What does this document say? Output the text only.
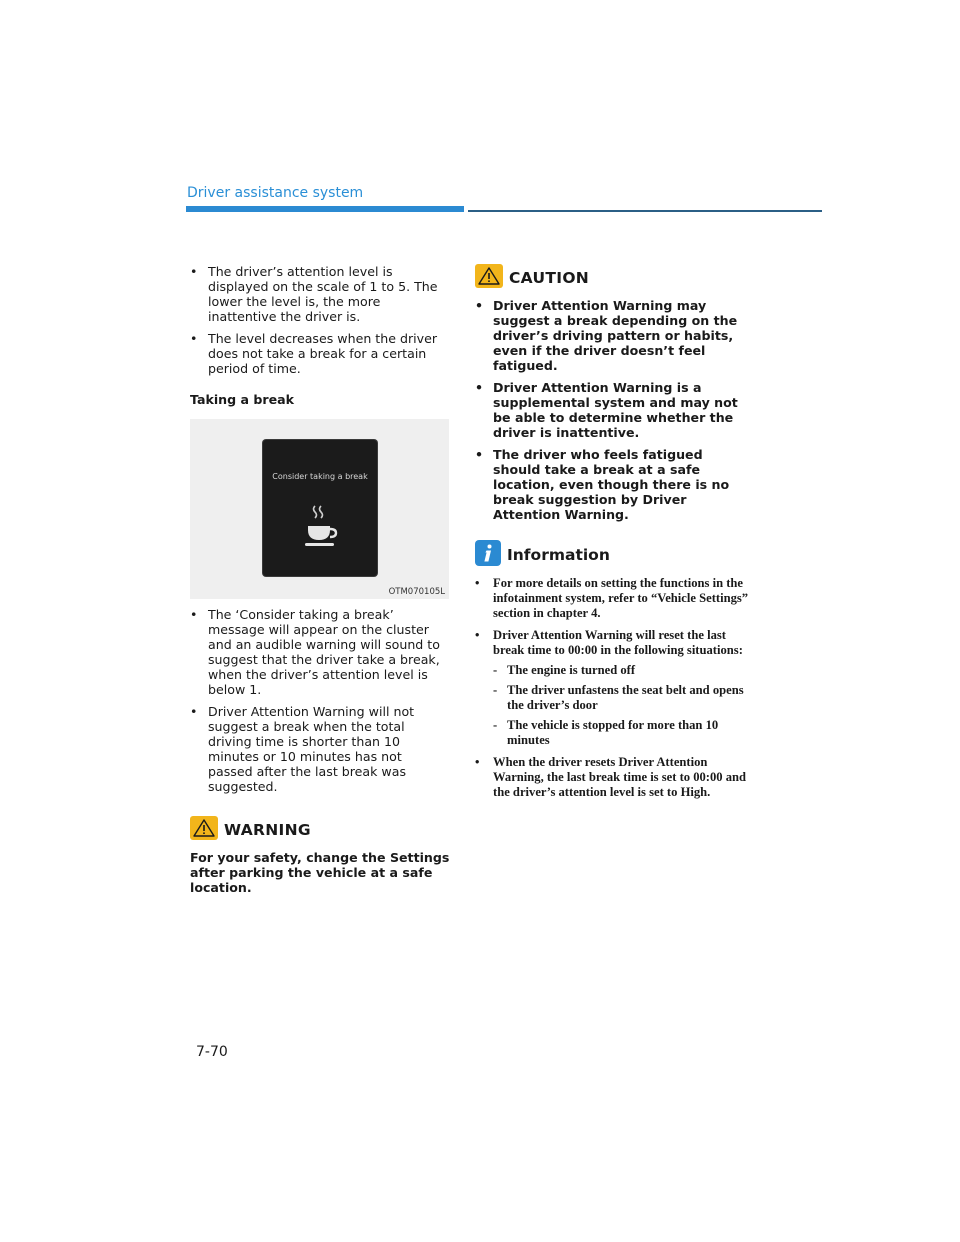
Driver assistance system
• The driver’s attention level is displayed on the scale of 1 to 5. The lower the level is, the more inattentive the driver is.
• The level decreases when the driver does not take a break for a certain period of time.
Taking a break
Consider taking a break
OTM070105L
• The ‘Consider taking a break’ message will appear on the cluster and an audible warning will sound to suggest that the driver take a break, when the driver’s attention level is below 1.
• Driver Attention Warning will not suggest a break when the total driving time is shorter than 10 minutes or 10 minutes has not passed after the last break was suggested.
WARNING
For your safety, change the Settings after parking the vehicle at a safe location.
CAUTION
• Driver Attention Warning may suggest a break depending on the driver’s driving pattern or habits, even if the driver doesn’t feel fatigued.
• Driver Attention Warning is a supplemental system and may not be able to determine whether the driver is inattentive.
• The driver who feels fatigued should take a break at a safe location, even though there is no break suggestion by Driver Attention Warning.
Information
• For more details on setting the functions in the infotainment system, refer to “Vehicle Settings” section in chapter 4.
• Driver Attention Warning will reset the last break time to 00:00 in the following situations:
- The engine is turned off
- The driver unfastens the seat belt and opens the driver’s door
- The vehicle is stopped for more than 10 minutes
• When the driver resets Driver Attention Warning, the last break time is set to 00:00 and the driver’s attention level is set to High.
7-70
